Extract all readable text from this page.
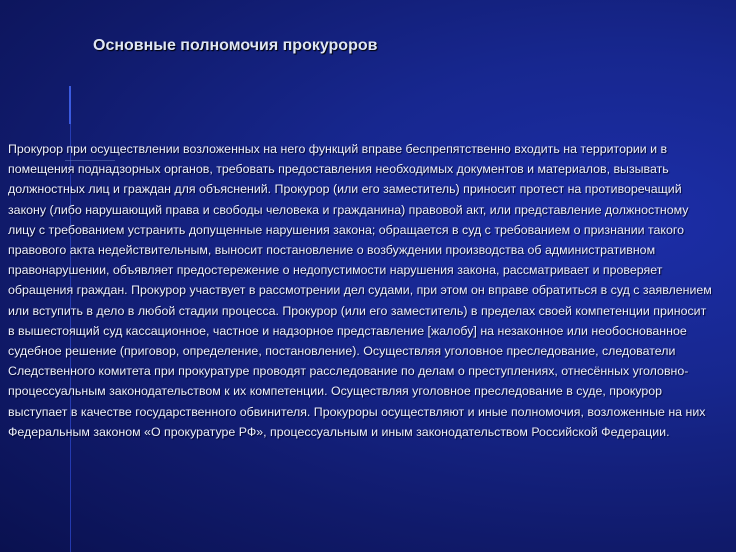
Основные полномочия прокуроров
Прокурор при осуществлении возложенных на него функций вправе беспрепятственно входить на территории и в помещения поднадзорных органов, требовать предоставления необходимых документов и материалов, вызывать должностных лиц и граждан для объяснений. Прокурор (или его заместитель) приносит протест на противоречащий закону (либо нарушающий права и свободы человека и гражданина) правовой акт, или представление должностному лицу с требованием устранить допущенные нарушения закона; обращается в суд с требованием о признании такого правового акта недействительным, выносит постановление о возбуждении производства об административном правонарушении, объявляет предостережение о недопустимости нарушения закона, рассматривает и проверяет обращения граждан. Прокурор участвует в рассмотрении дел судами, при этом он вправе обратиться в суд с заявлением или вступить в дело в любой стадии процесса. Прокурор (или его заместитель) в пределах своей компетенции приносит в вышестоящий суд кассационное, частное и надзорное представление [жалобу] на незаконное или необоснованное судебное решение (приговор, определение, постановление). Осуществляя уголовное преследование, следователи Следственного комитета при прокуратуре проводят расследование по делам о преступлениях, отнесённых уголовно-процессуальным законодательством к их компетенции. Осуществляя уголовное преследование в суде, прокурор выступает в качестве государственного обвинителя. Прокуроры осуществляют и иные полномочия, возложенные на них Федеральным законом «О прокуратуре РФ», процессуальным и иным законодательством Российской Федерации.
